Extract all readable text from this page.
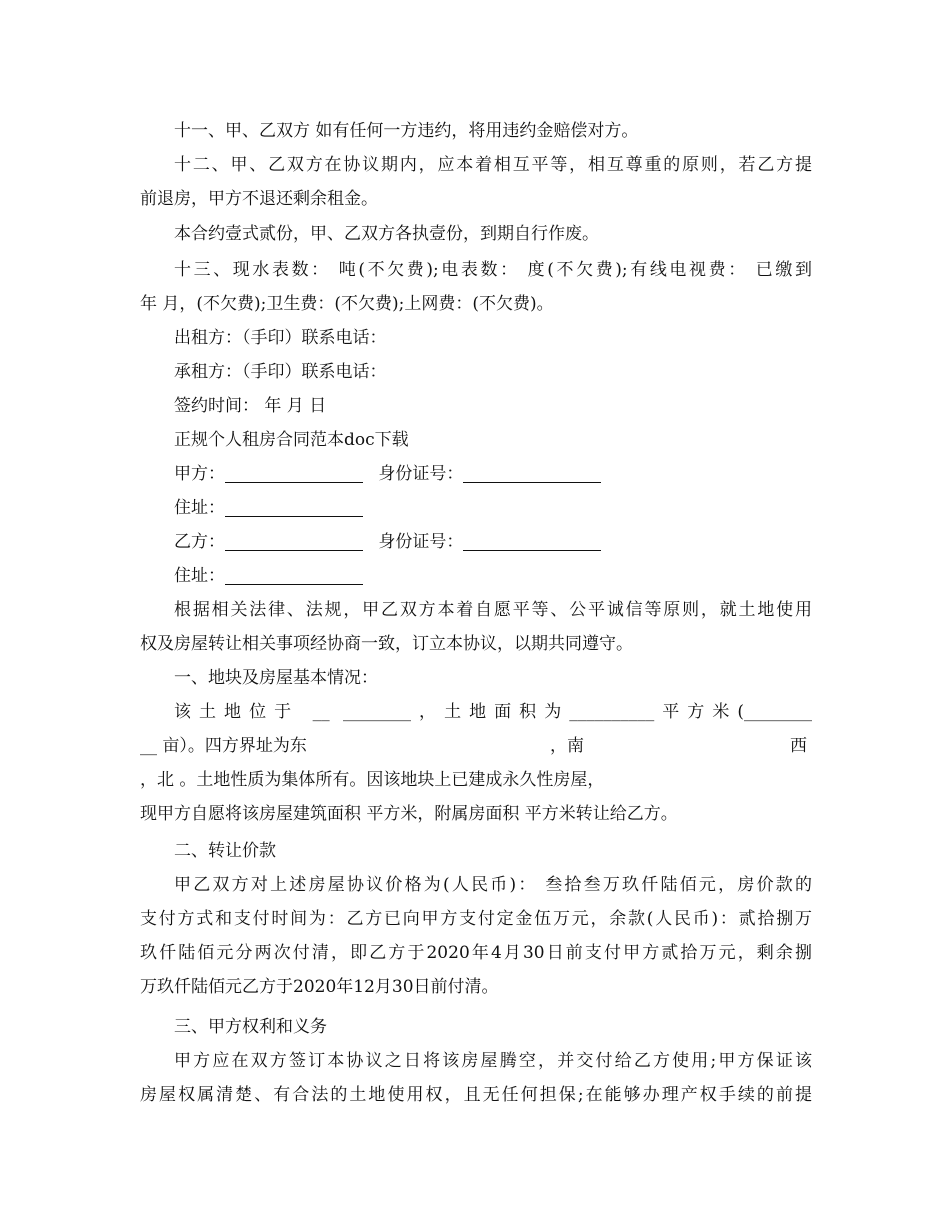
十一、甲、乙双方 如有任何一方违约，将用违约金赔偿对方。
十二、甲、乙双方在协议期内，应本着相互平等，相互尊重的原则，若乙方提
前退房，甲方不退还剩余租金。
本合约壹式贰份，甲、乙双方各执壹份，到期自行作废。
十三、现水表数： 吨(不欠费);电表数： 度(不欠费);有线电视费： 已缴到
年 月，(不欠费);卫生费：(不欠费);上网费：(不欠费)。
出租方：（手印）联系电话：
承租方：（手印）联系电话：
签约时间： 年 月 日
正规个人租房合同范本doc下载
甲方：	身份证号：
住址：
乙方：	身份证号：
住址：
根据相关法律、法规，甲乙双方本着自愿平等、公平诚信等原则，就土地使用
权及房屋转让相关事项经协商一致，订立本协议，以期共同遵守。
一、地块及房屋基本情况：
该土地位于 __ ________，土地面积为__________平方米(________
__ 亩）。四方界址为东	，南	西
，北 。土地性质为集体所有。因该地块上已建成永久性房屋，
现甲方自愿将该房屋建筑面积 平方米，附属房面积 平方米转让给乙方。
二、转让价款
甲乙双方对上述房屋协议价格为(人民币)： 叁拾叁万玖仟陆佰元，房价款的
支付方式和支付时间为：乙方已向甲方支付定金伍万元，余款(人民币)：贰拾捌万
玖仟陆佰元分两次付清，即乙方于2020年4月30日前支付甲方贰拾万元，剩余捌
万玖仟陆佰元乙方于2020年12月30日前付清。
三、甲方权利和义务
甲方应在双方签订本协议之日将该房屋腾空，并交付给乙方使用;甲方保证该
房屋权属清楚、有合法的土地使用权，且无任何担保;在能够办理产权手续的前提
